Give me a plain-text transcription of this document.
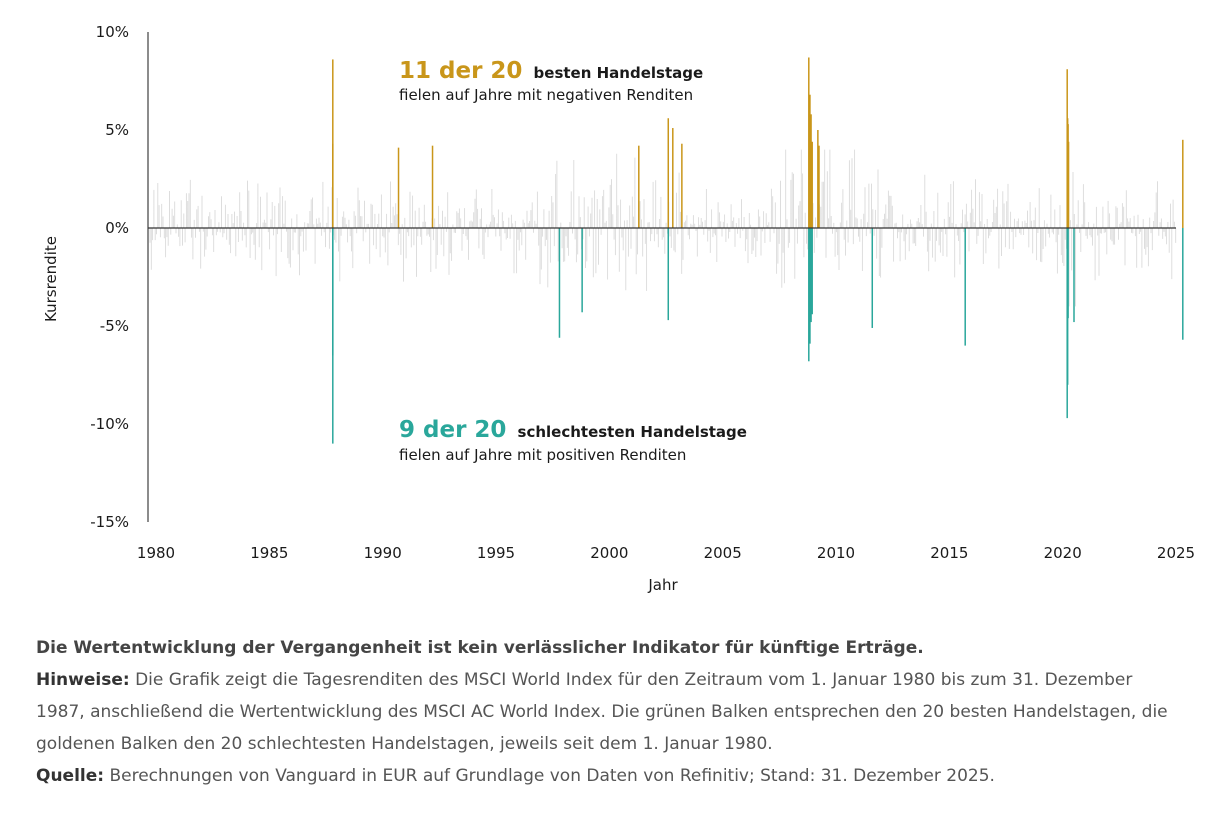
10%
5%
0%
-5%
-10%
-15%
1980	1985	1990	1995	2000	2005	2010	2015	2020	2025
Kursrendite
Jahr
11 der 20 besten Handelstage
fielen auf Jahre mit negativen Renditen
9 der 20 schlechtesten Handelstage
fielen auf Jahre mit positiven Renditen

Die Wertentwicklung der Vergangenheit ist kein verlässlicher Indikator für künftige Erträge.

Hinweise: Die Grafik zeigt die Tagesrenditen des MSCI World Index für den Zeitraum vom 1. Januar 1980 bis zum 31. Dezember 1987, anschließend die Wertentwicklung des MSCI AC World Index. Die grünen Balken entsprechen den 20 besten Handelstagen, die goldenen Balken den 20 schlechtesten Handelstagen, jeweils seit dem 1. Januar 1980.

Quelle: Berechnungen von Vanguard in EUR auf Grundlage von Daten von Refinitiv; Stand: 31. Dezember 2025.
